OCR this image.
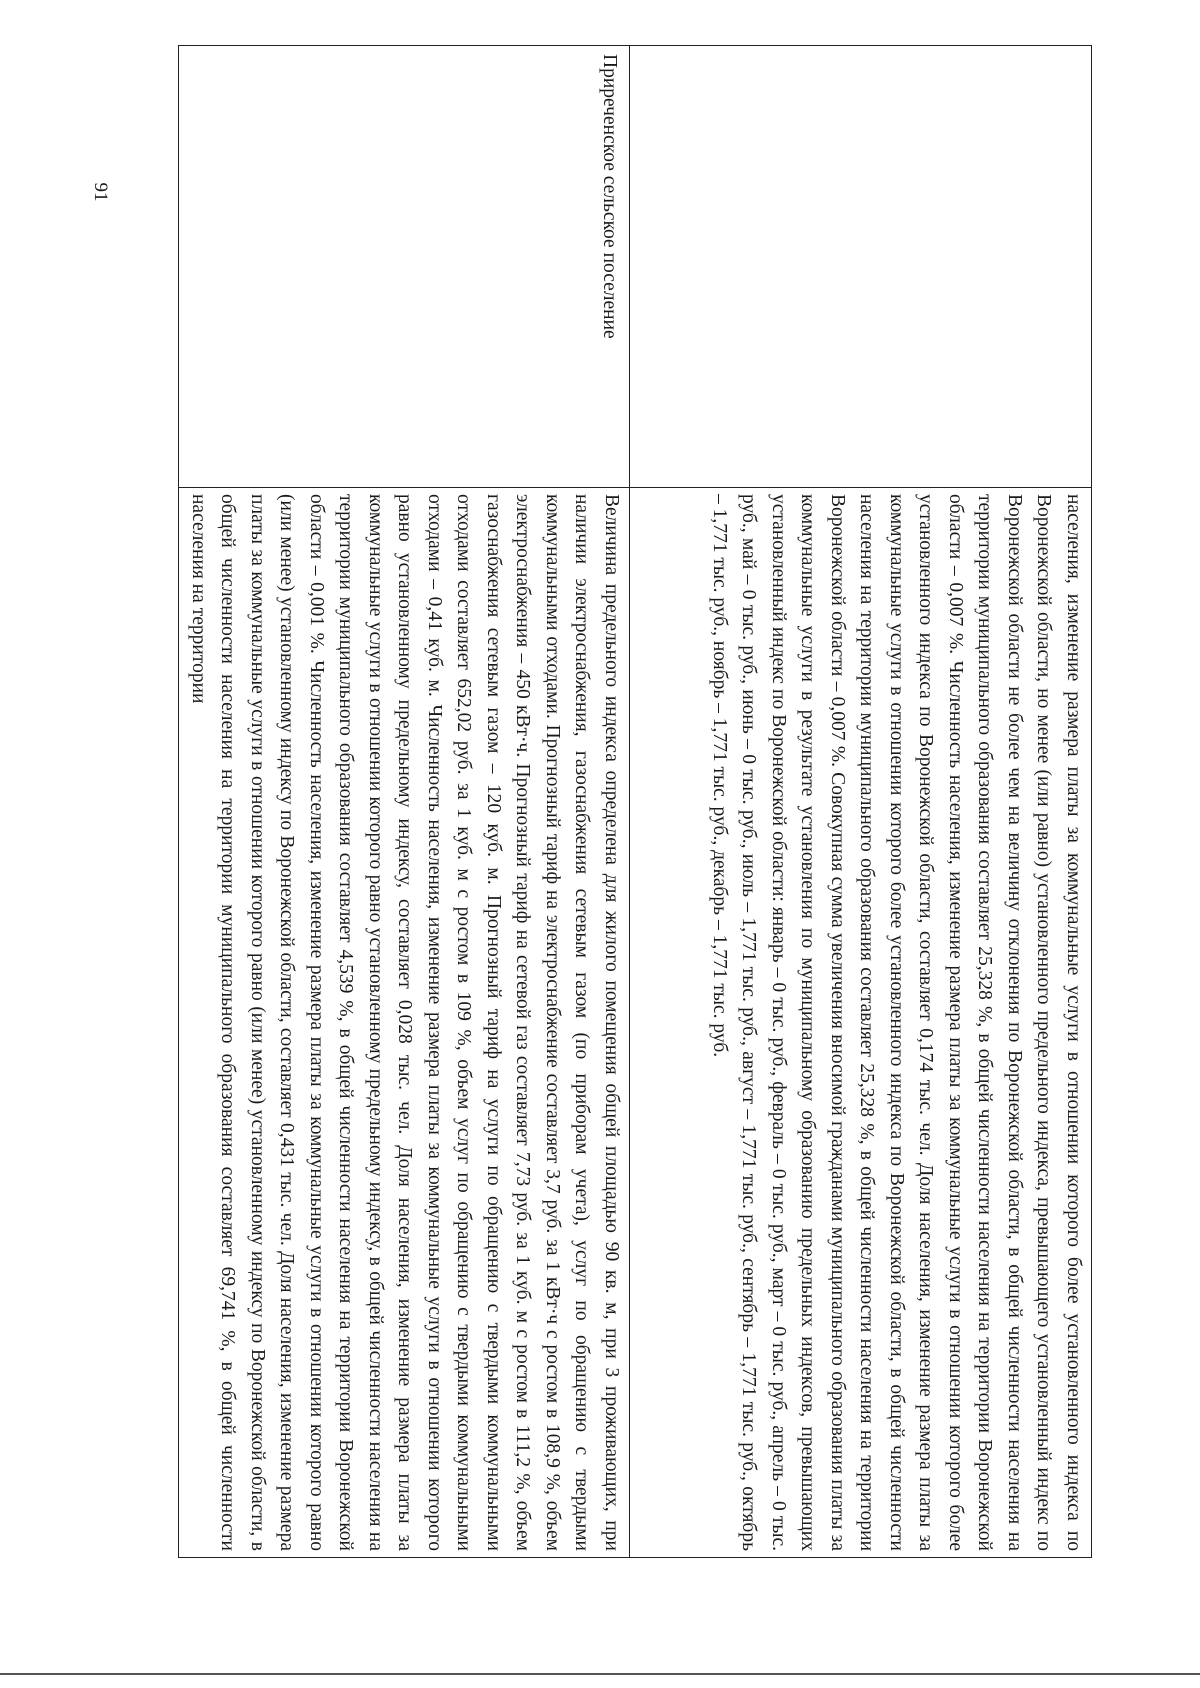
91
населения, изменение размера платы за коммунальные услуги в отношении которого более установленного индекса по Воронежской области, но менее (или равно) установленного предельного индекса, превышающего установленный индекс по Воронежской области не более чем на величину отклонения по Воронежской области, в общей численности населения на территории муниципального образования составляет 25,328 %, в общей численности населения на территории Воронежской области – 0,007 %. Численность населения, изменение размера платы за коммунальные услуги в отношении которого более установленного индекса по Воронежской области, составляет 0,174 тыс. чел. Доля населения, изменение размера платы за коммунальные услуги в отношении которого более установленного индекса по Воронежской области, в общей численности населения на территории муниципального образования составляет 25,328 %, в общей численности населения на территории Воронежской области – 0,007 %. Совокупная сумма увеличения вносимой гражданами муниципального образования платы за коммунальные услуги в результате установления по муниципальному образованию предельных индексов, превышающих установленный индекс по Воронежской области: январь – 0 тыс. руб., февраль – 0 тыс. руб., март – 0 тыс. руб., апрель – 0 тыс. руб., май – 0 тыс. руб., июнь – 0 тыс. руб., июль – 1,771 тыс. руб., август – 1,771 тыс. руб., сентябрь – 1,771 тыс. руб., октябрь – 1,771 тыс. руб., ноябрь – 1,771 тыс. руб., декабрь – 1,771 тыс. руб.
Приреченское сельское поселение
Величина предельного индекса определена для жилого помещения общей площадью 90 кв. м, при 3 проживающих, при наличии электроснабжения, газоснабжения сетевым газом (по приборам учета), услуг по обращению с твердыми коммунальными отходами. Прогнозный тариф на электроснабжение составляет 3,7 руб. за 1 кВт·ч с ростом в 108,9 %, объем электроснабжения – 450 кВт·ч. Прогнозный тариф на сетевой газ составляет 7,73 руб. за 1 куб. м с ростом в 111,2 %, объем газоснабжения сетевым газом – 120 куб. м. Прогнозный тариф на услуги по обращению с твердыми коммунальными отходами составляет 652,02 руб. за 1 куб. м с ростом в 109 %, объем услуг по обращению с твердыми коммунальными отходами – 0,41 куб. м. Численность населения, изменение размера платы за коммунальные услуги в отношении которого равно установленному предельному индексу, составляет 0,028 тыс. чел. Доля населения, изменение размера платы за коммунальные услуги в отношении которого равно установленному предельному индексу, в общей численности населения на территории муниципального образования составляет 4,539 %, в общей численности населения на территории Воронежской области – 0,001 %. Численность населения, изменение размера платы за коммунальные услуги в отношении которого равно (или менее) установленному индексу по Воронежской области, составляет 0,431 тыс. чел. Доля населения, изменение размера платы за коммунальные услуги в отношении которого равно (или менее) установленному индексу по Воронежской области, в общей численности населения на территории муниципального образования составляет 69,741 %, в общей численности населения на территории
